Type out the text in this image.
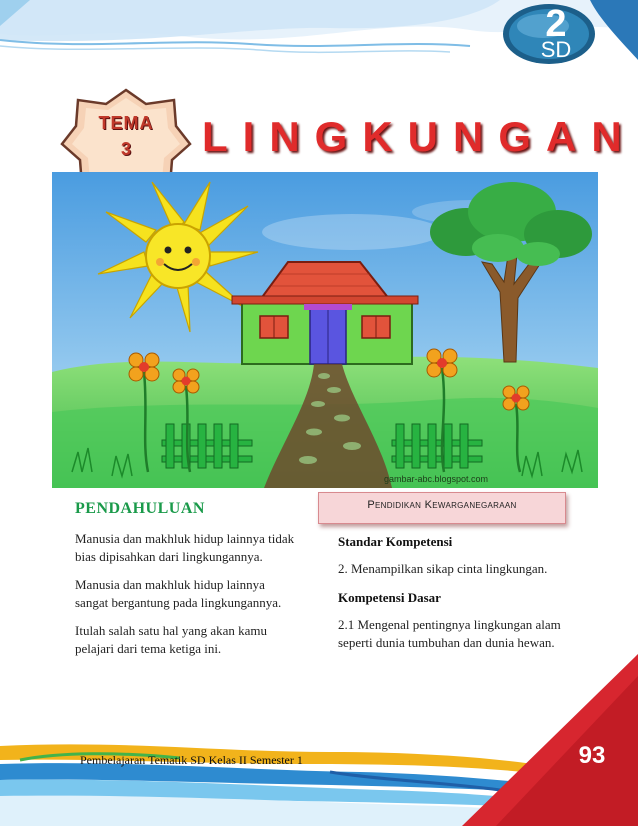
2
SD
TEMA
3	LINGKUNGAN
gambar-abc.blogspot.com
PENDAHULUAN

Manusia dan makhluk hidup lainnya tidak bias dipisahkan dari lingkungannya.

Manusia dan makhluk hidup lainnya sangat bergantung pada lingkungannya.

Itulah salah satu hal yang akan kamu pelajari dari tema ketiga ini.

Pendidikan Kewarganegaraan
Standar Kompetensi

2. Menampilkan sikap cinta lingkungan.

Kompetensi Dasar

2.1 Mengenal pentingnya lingkungan alam seperti dunia tumbuhan dan dunia hewan.

Pembelajaran Tematik SD Kelas II Semester 1	93
